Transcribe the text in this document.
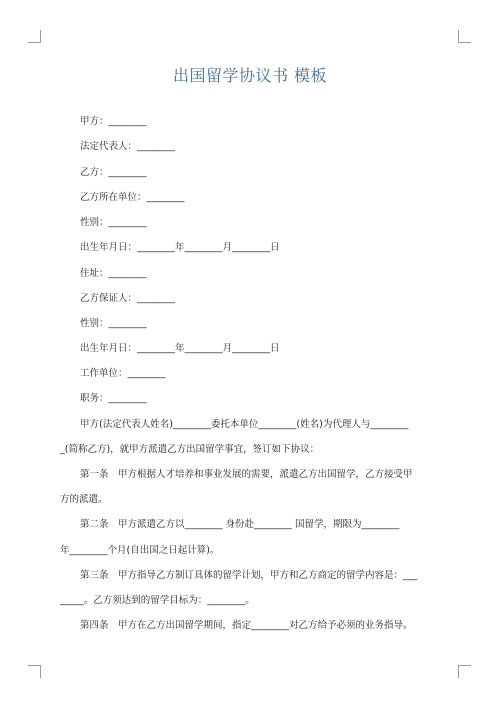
出国留学协议书 模板
甲方：________
法定代表人：________
乙方：________
乙方所在单位：________
性别：________
出生年月日：________年________月________日
住址：________
乙方保证人：________
性别：________
出生年月日：________年________月________日
工作单位：________
职务：________
甲方(法定代表人姓名)________委托本单位________(姓名)为代理人与________
_(简称乙方)，就甲方派遣乙方出国留学事宜，签订如下协议：
第一条　甲方根据人才培养和事业发展的需要，派遣乙方出国留学，乙方接受甲
方的派遣。
第二条　甲方派遣乙方以________ 身份赴________ 国留学，期限为________
年________个月(自出国之日起计算)。
第三条　甲方指导乙方制订具体的留学计划，甲方和乙方商定的留学内容是：___
_____。乙方须达到的留学目标为：________。
第四条　甲方在乙方出国留学期间，指定________对乙方给予必须的业务指导。
